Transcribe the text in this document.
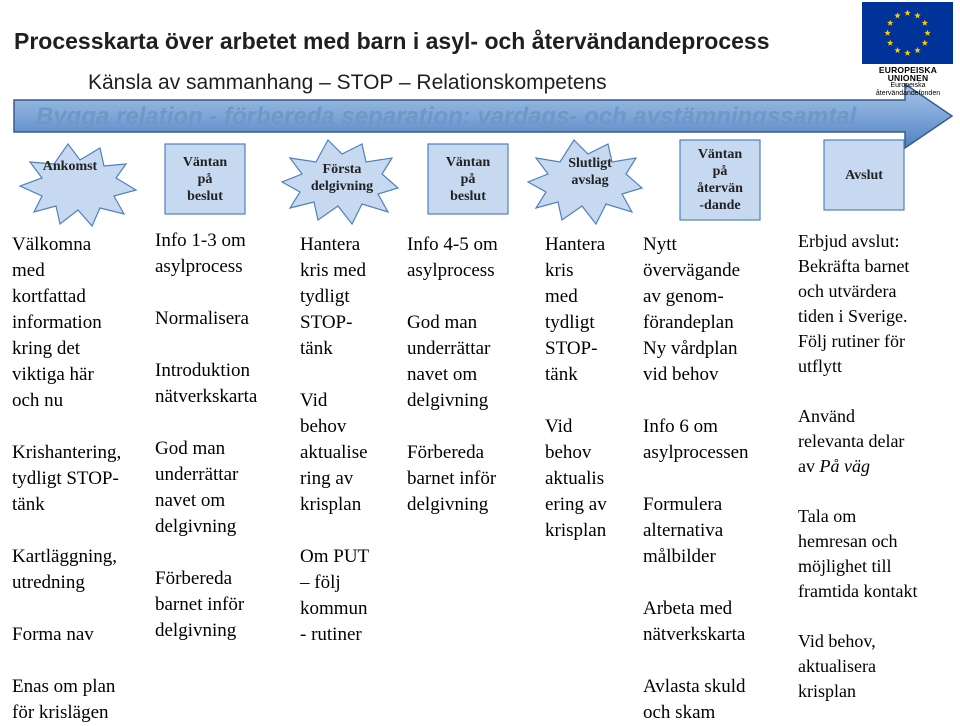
Processkarta över arbetet med barn i asyl- och återvändandeprocess
Känsla av sammanhang – STOP – Relationskompetens
Bygga relation - förbereda separation: vardags- och avstämningssamtal
Ankomst	Väntan
på
beslut
Första
delgivning
Väntan
på
beslut
Slutligt
avslag
Väntan
på
återvän
-dande
Avslut
EUROPEISKA UNIONEN
Europeiska återvändandefonden

Välkomna
med
kortfattad
information
kring det
viktiga här
och nu

Krishantering,
tydligt STOP-
tänk

Kartläggning,
utredning

Forma nav

Enas om plan
för krislägen

Info 1-3 om
asylprocess

Normalisera

Introduktion
nätverkskarta

God man
underrättar
navet om
delgivning

Förbereda
barnet inför
delgivning

Hantera
kris med
tydligt
STOP-
tänk

Vid
behov
aktualise
ring av
krisplan

Om PUT
– följ
kommun
- rutiner

Info 4-5 om
asylprocess

God man
underrättar
navet om
delgivning

Förbereda
barnet inför
delgivning

Hantera
kris
med
tydligt
STOP-
tänk

Vid
behov
aktualis
ering av
krisplan

Nytt
övervägande
av genom-
förandeplan
Ny vårdplan
vid behov

Info 6 om
asylprocessen

Formulera
alternativa
målbilder

Arbeta med
nätverkskarta

Avlasta skuld
och skam

Erbjud avslut:
Bekräfta barnet
och utvärdera
tiden i Sverige.
Följ rutiner för
utflytt

Använd
relevanta delar
av På väg

Tala om
hemresan och
möjlighet till
framtida kontakt

Vid behov,
aktualisera
krisplan
